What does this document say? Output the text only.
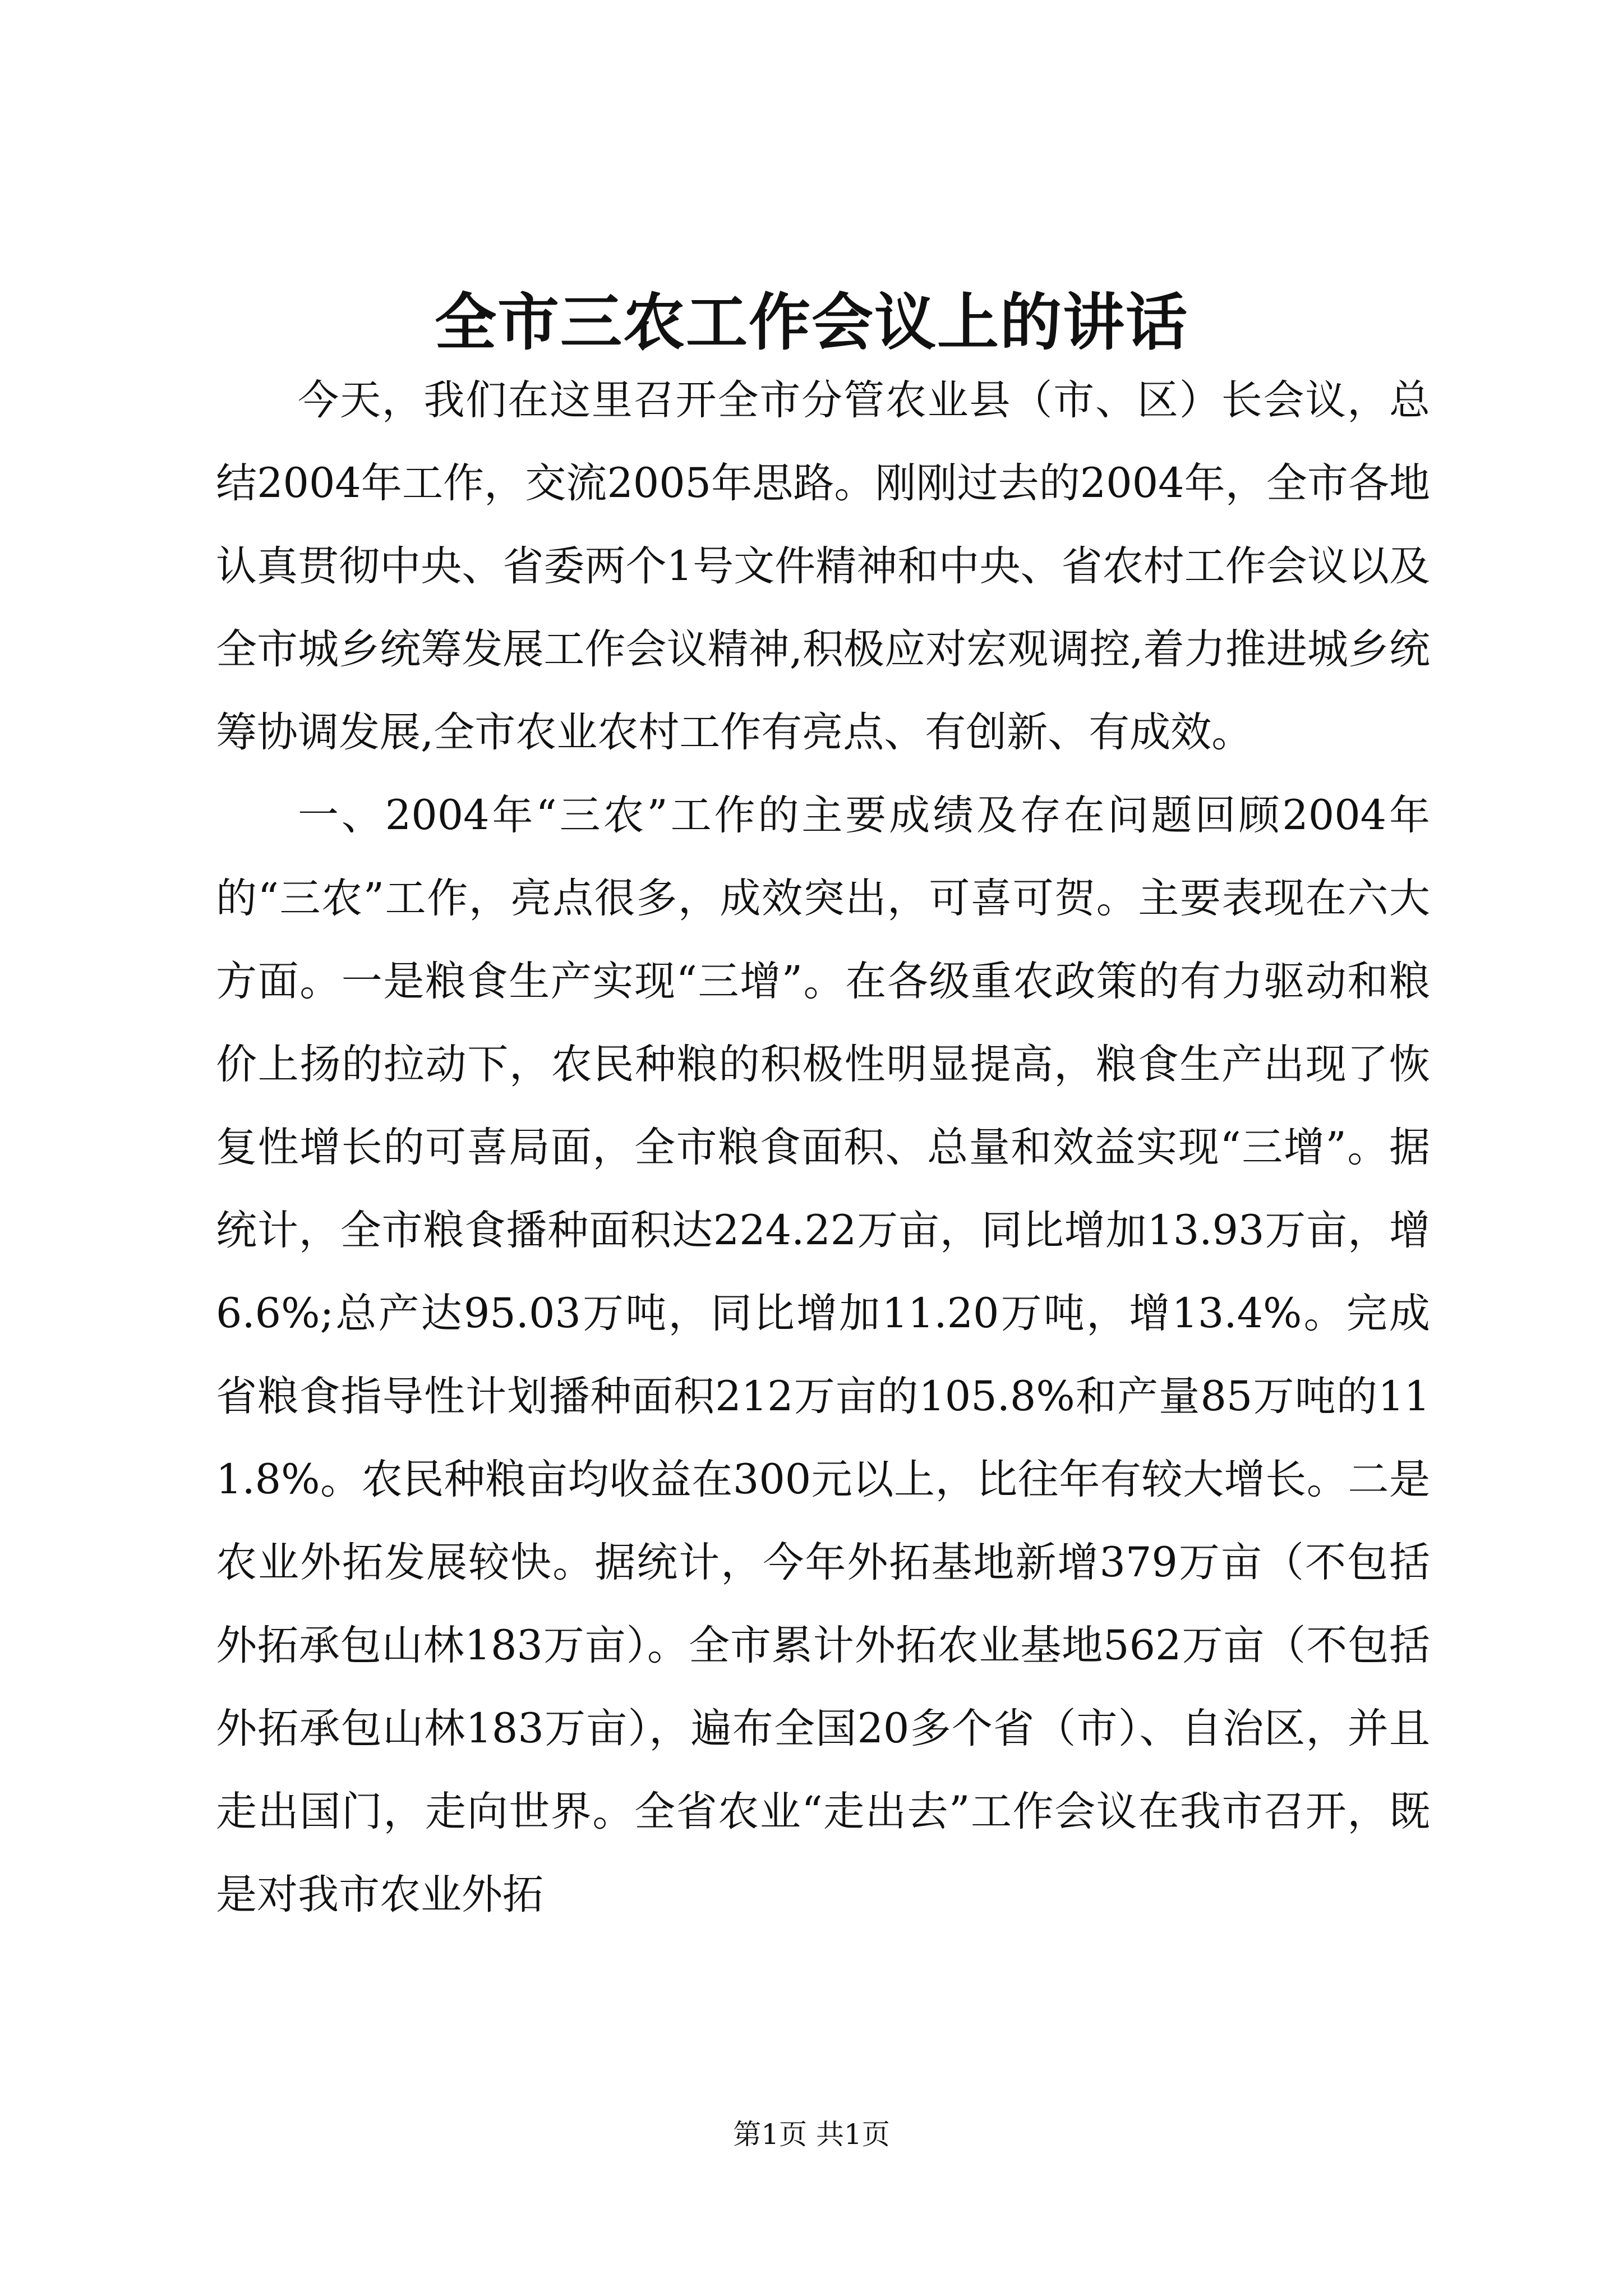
全市三农工作会议上的讲话

今天，我们在这里召开全市分管农业县（市、区）长会议，总结2004年工作，交流2005年思路。刚刚过去的2004年，全市各地认真贯彻中央、省委两个1号文件精神和中央、省农村工作会议以及全市城乡统筹发展工作会议精神,积极应对宏观调控,着力推进城乡统筹协调发展,全市农业农村工作有亮点、有创新、有成效。

一、2004年“三农”工作的主要成绩及存在问题回顾2004年的“三农”工作，亮点很多，成效突出，可喜可贺。主要表现在六大方面。一是粮食生产实现“三增”。在各级重农政策的有力驱动和粮价上扬的拉动下，农民种粮的积极性明显提高，粮食生产出现了恢复性增长的可喜局面，全市粮食面积、总量和效益实现“三增”。据统计，全市粮食播种面积达224.22万亩，同比增加13.93万亩，增6.6%;总产达95.03万吨，同比增加11.20万吨，增13.4%。完成省粮食指导性计划播种面积212万亩的105.8%和产量85万吨的111.8%。农民种粮亩均收益在300元以上，比往年有较大增长。二是农业外拓发展较快。据统计，今年外拓基地新增379万亩（不包括外拓承包山林183万亩）。全市累计外拓农业基地562万亩（不包括外拓承包山林183万亩），遍布全国20多个省（市）、自治区，并且走出国门，走向世界。全省农业“走出去”工作会议在我市召开，既是对我市农业外拓

第1页 共1页
